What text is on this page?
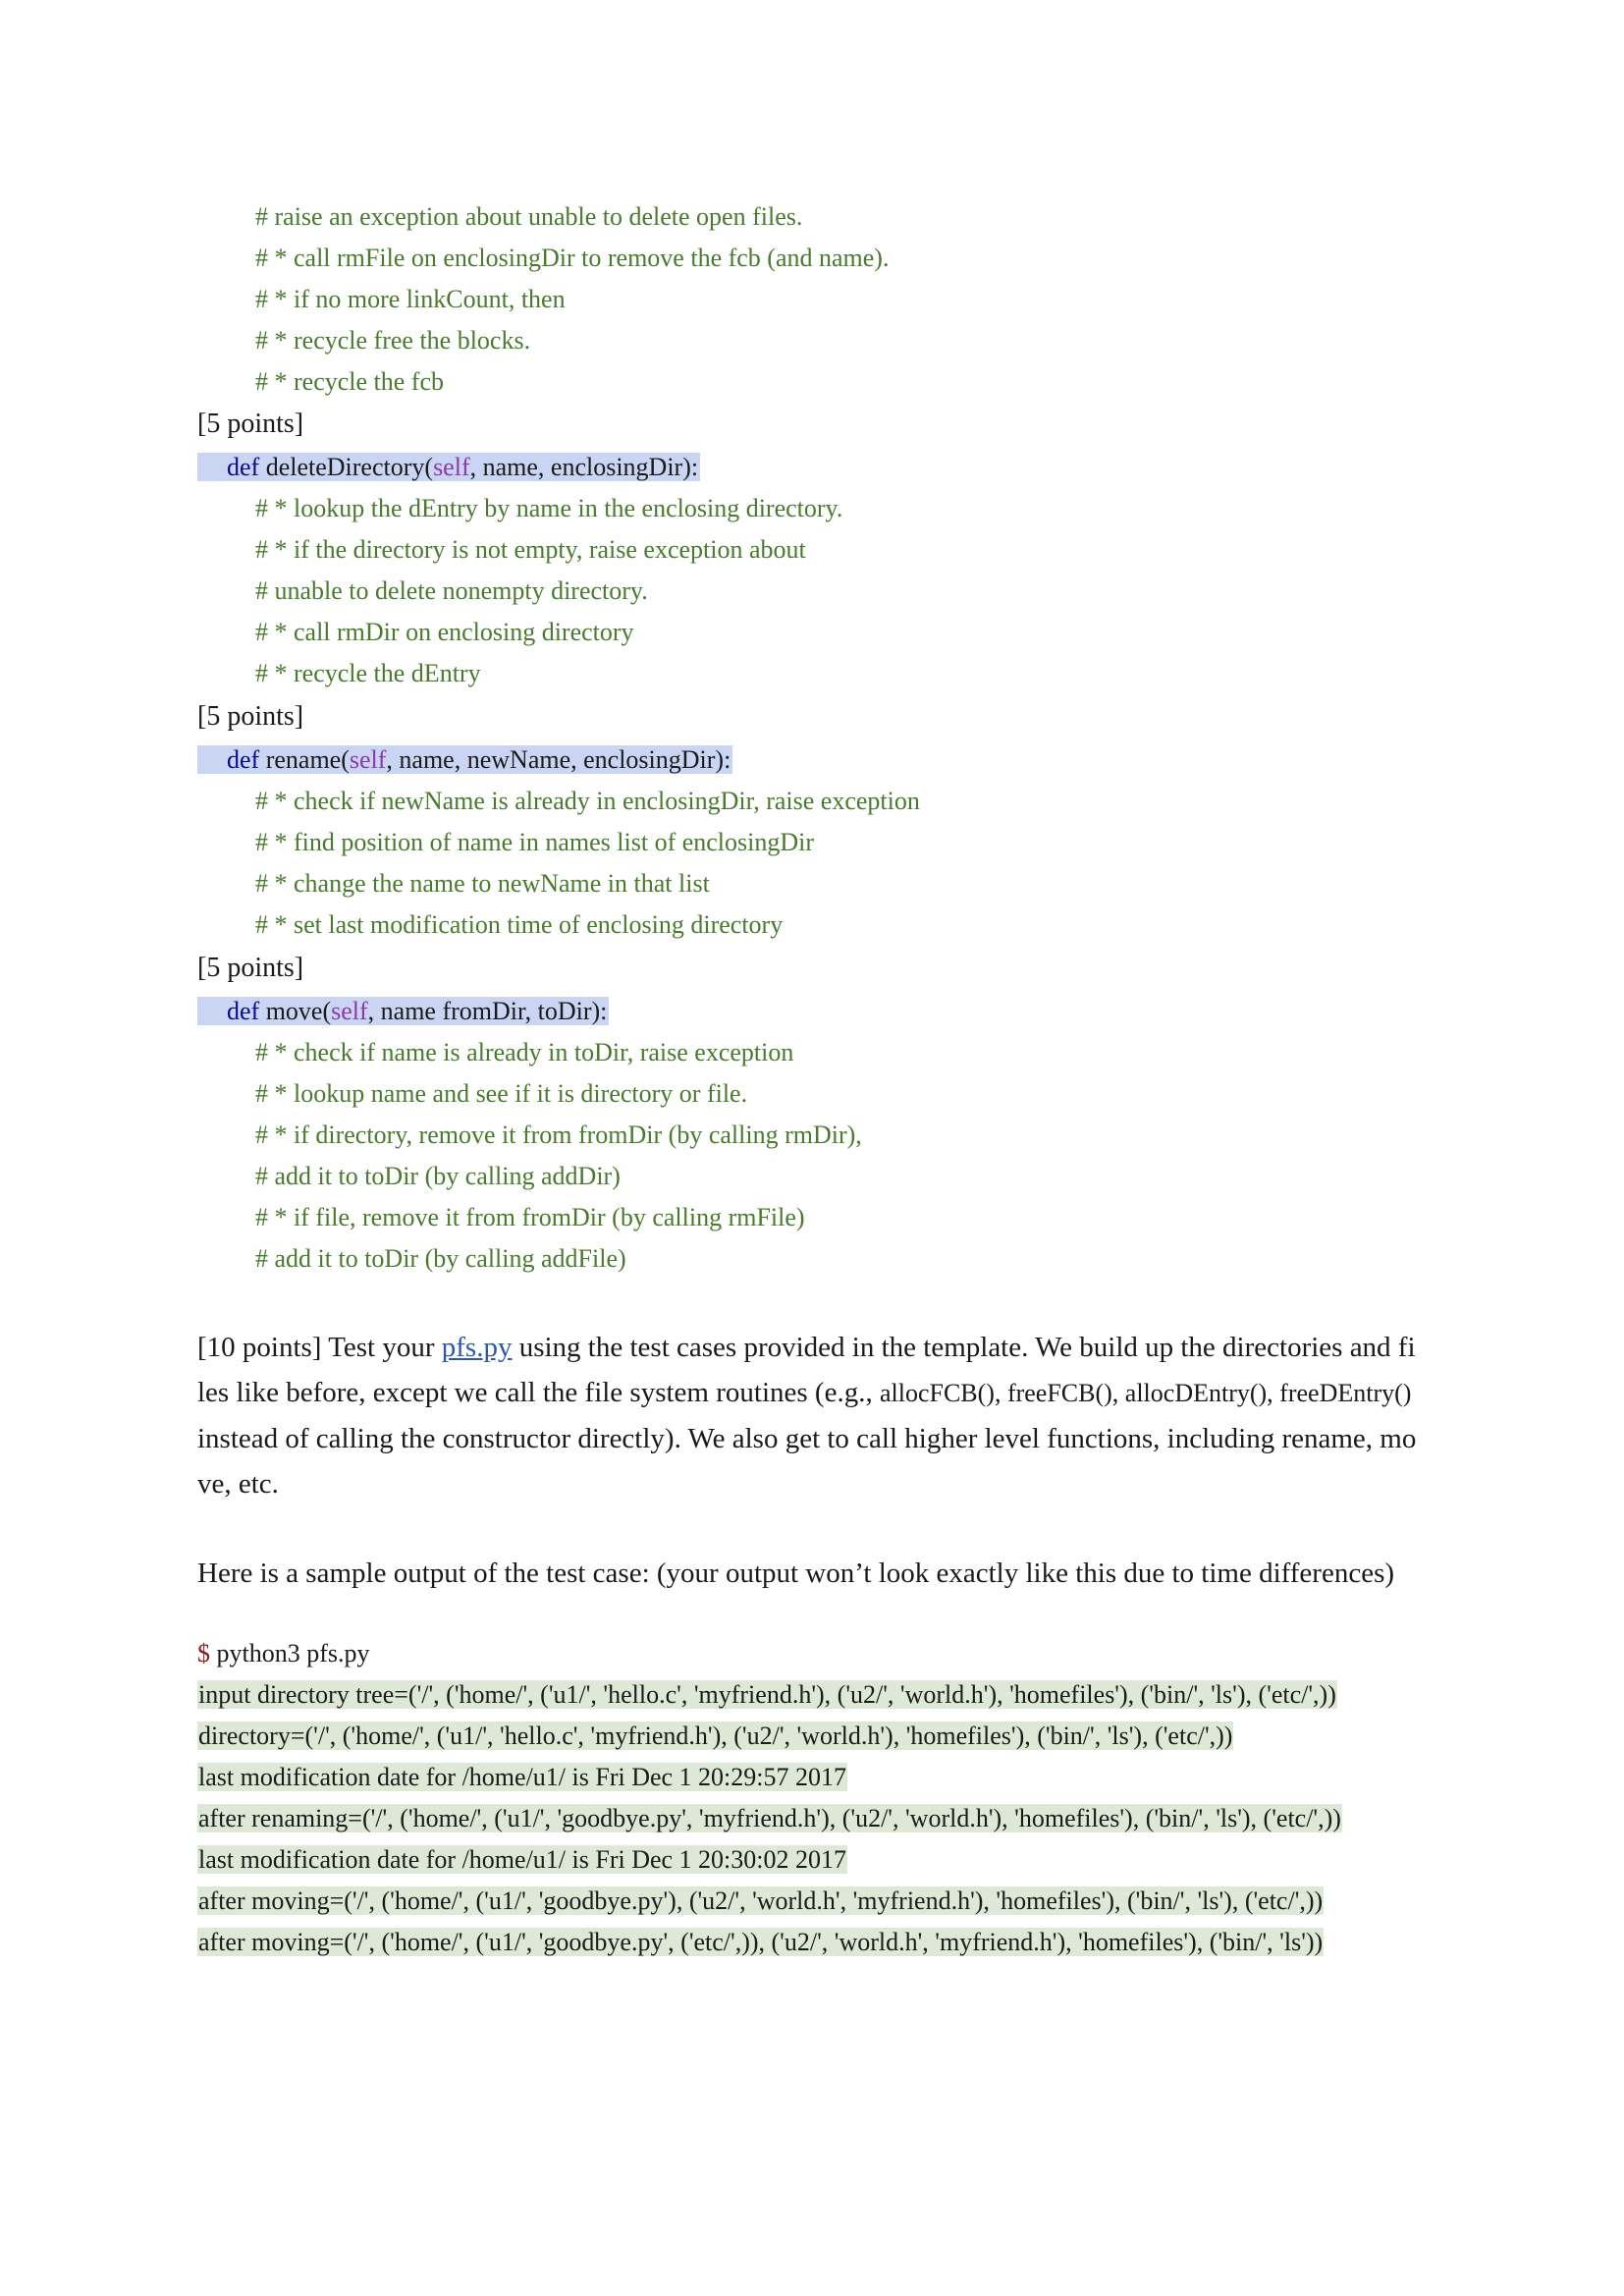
# raise an exception about unable to delete open files.
# * call rmFile on enclosingDir to remove the fcb (and name).
# * if no more linkCount, then
# * recycle free the blocks.
# * recycle the fcb
[5 points]
def deleteDirectory(self, name, enclosingDir):
# * lookup the dEntry by name in the enclosing directory.
# * if the directory is not empty, raise exception about
# unable to delete nonempty directory.
# * call rmDir on enclosing directory
# * recycle the dEntry
[5 points]
def rename(self, name, newName, enclosingDir):
# * check if newName is already in enclosingDir, raise exception
# * find position of name in names list of enclosingDir
# * change the name to newName in that list
# * set last modification time of enclosing directory
[5 points]
def move(self, name fromDir, toDir):
# * check if name is already in toDir, raise exception
# * lookup name and see if it is directory or file.
# * if directory, remove it from fromDir (by calling rmDir),
# add it to toDir (by calling addDir)
# * if file, remove it from fromDir (by calling rmFile)
# add it to toDir (by calling addFile)
[10 points] Test your pfs.py using the test cases provided in the template. We build up the directories and fi
les like before, except we call the file system routines (e.g., allocFCB(), freeFCB(), allocDEntry(), freeDEntry()
instead of calling the constructor directly). We also get to call higher level functions, including rename, mo
ve, etc.
Here is a sample output of the test case: (your output won’t look exactly like this due to time differences)
$ python3 pfs.py
input directory tree=('/', ('home/', ('u1/', 'hello.c', 'myfriend.h'), ('u2/', 'world.h'), 'homefiles'), ('bin/', 'ls'), ('etc/',))
directory=('/', ('home/', ('u1/', 'hello.c', 'myfriend.h'), ('u2/', 'world.h'), 'homefiles'), ('bin/', 'ls'), ('etc/',))
last modification date for /home/u1/ is Fri Dec 1 20:29:57 2017
after renaming=('/', ('home/', ('u1/', 'goodbye.py', 'myfriend.h'), ('u2/', 'world.h'), 'homefiles'), ('bin/', 'ls'), ('etc/',))
last modification date for /home/u1/ is Fri Dec 1 20:30:02 2017
after moving=('/', ('home/', ('u1/', 'goodbye.py'), ('u2/', 'world.h', 'myfriend.h'), 'homefiles'), ('bin/', 'ls'), ('etc/',))
after moving=('/', ('home/', ('u1/', 'goodbye.py', ('etc/',)), ('u2/', 'world.h', 'myfriend.h'), 'homefiles'), ('bin/', 'ls'))
